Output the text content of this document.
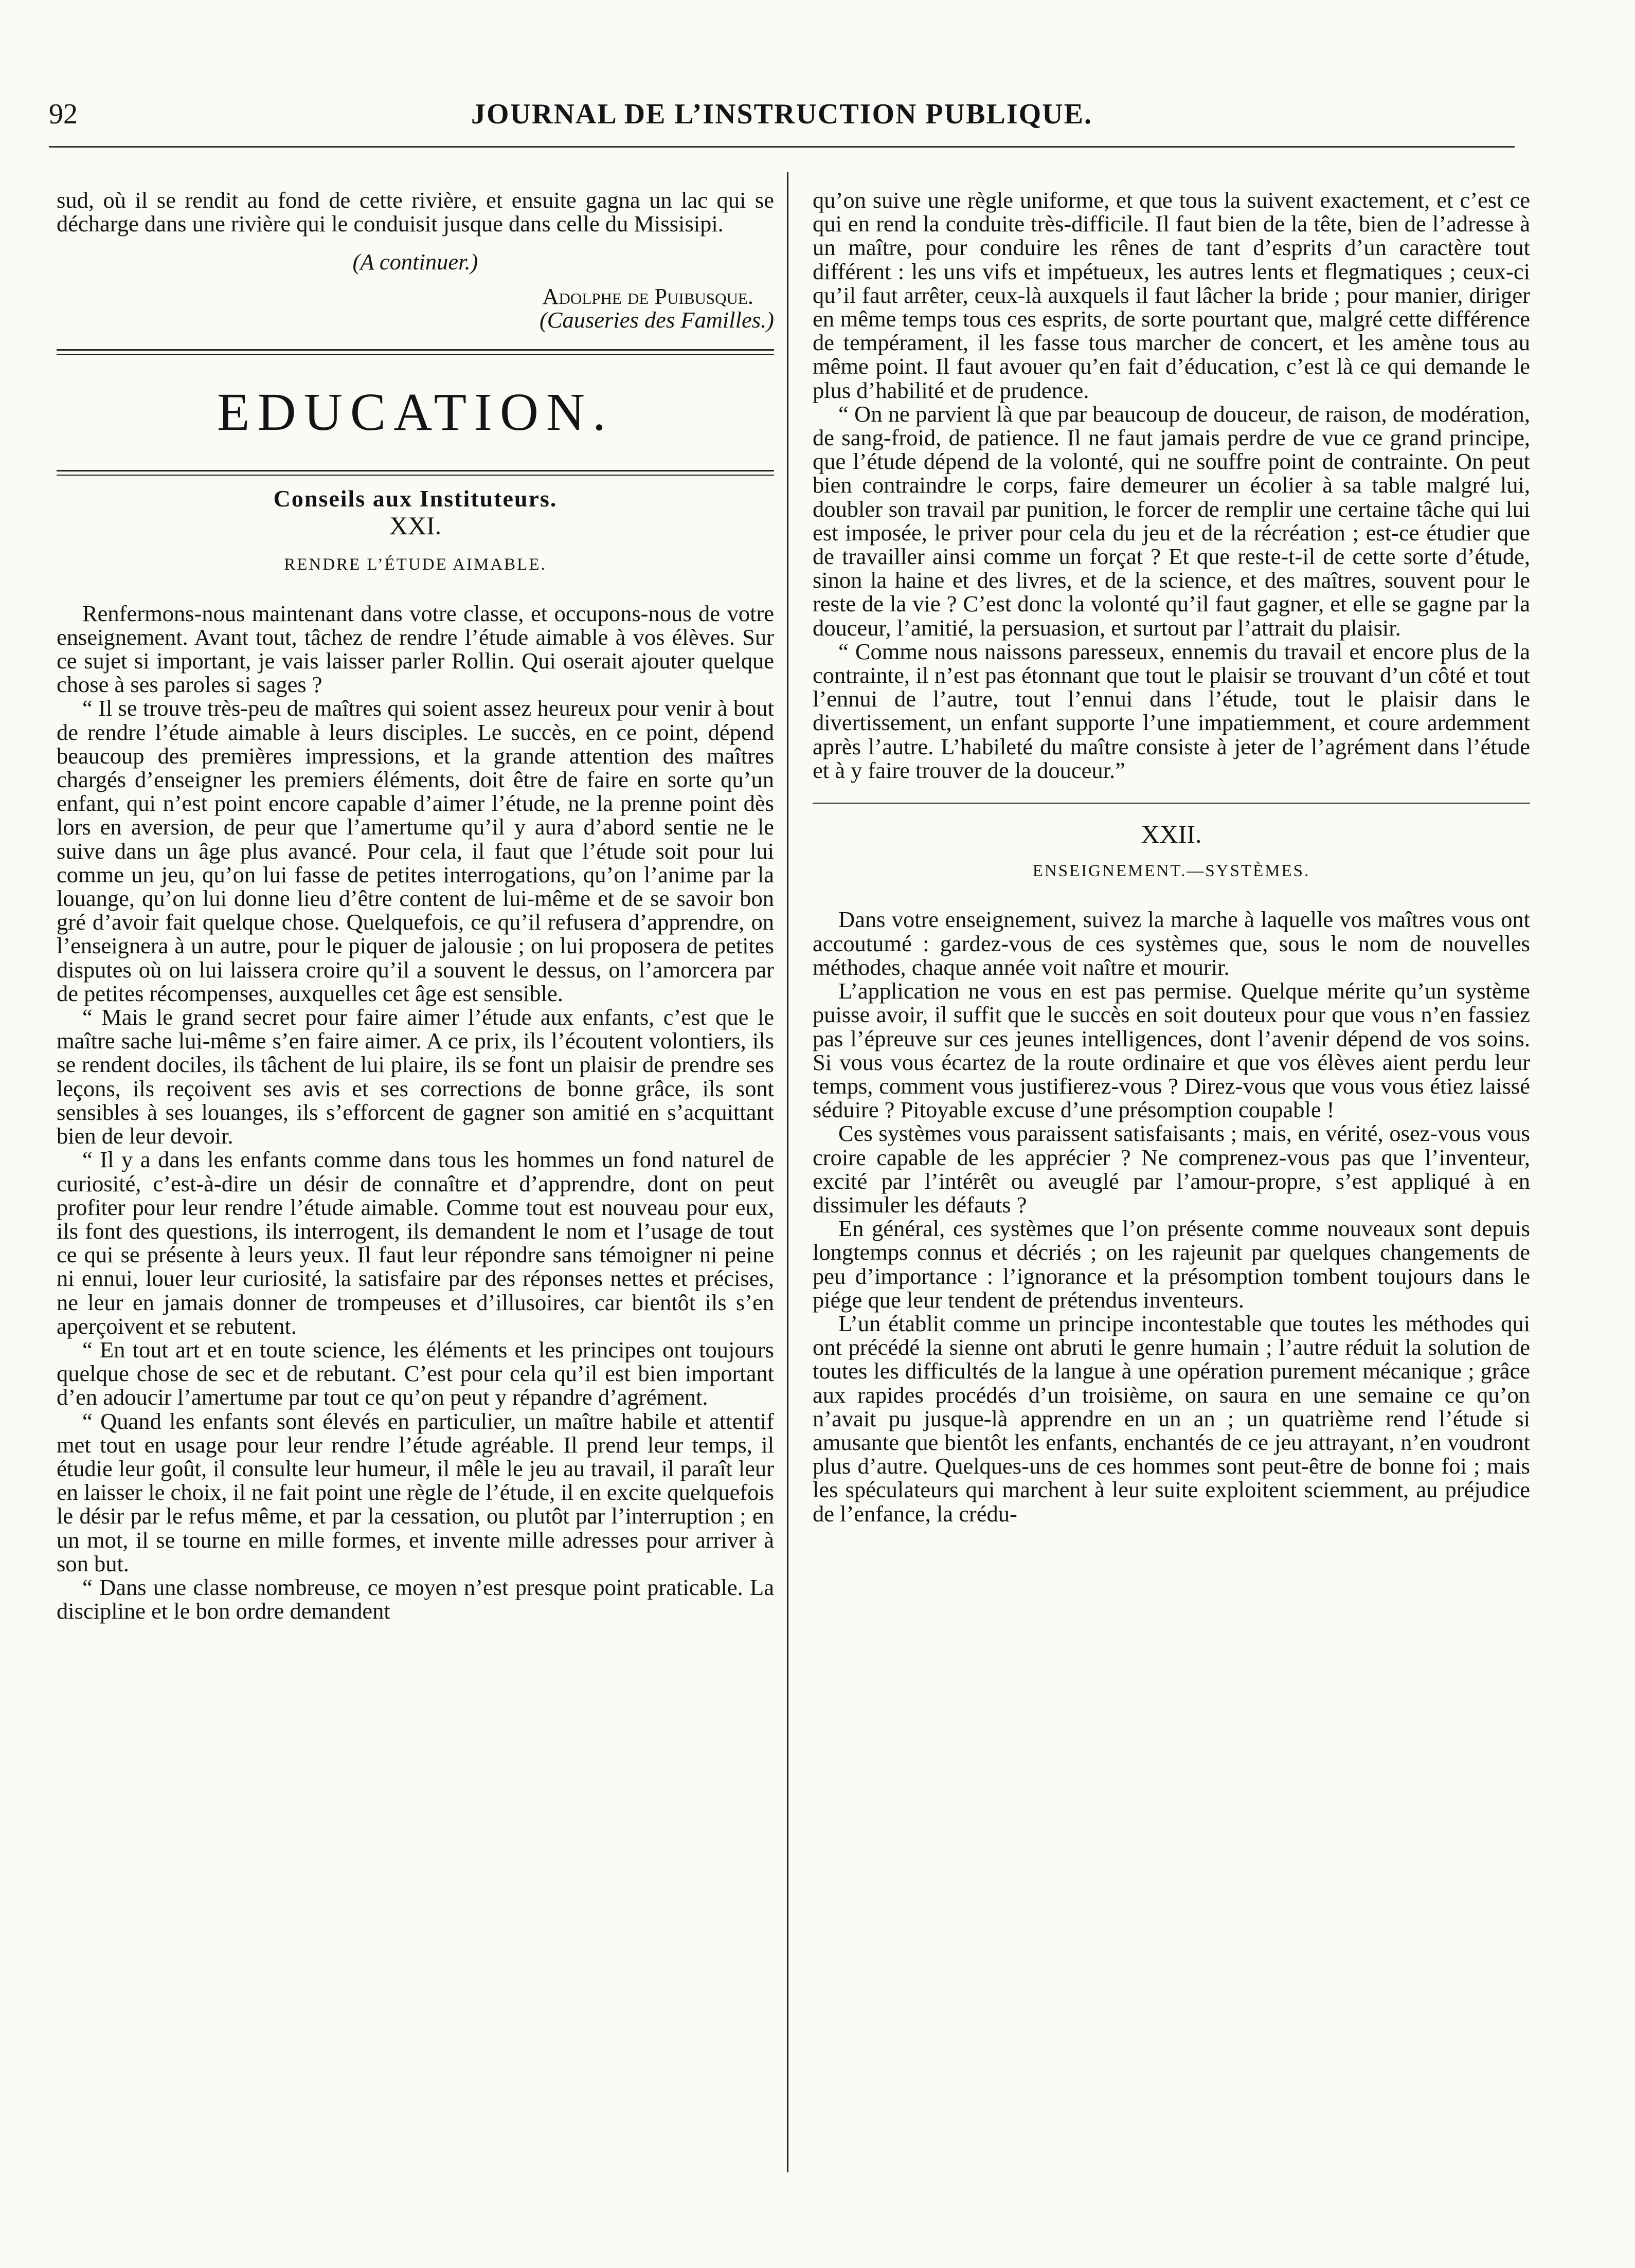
92	JOURNAL DE L’INSTRUCTION PUBLIQUE.

sud, où il se rendit au fond de cette rivière, et ensuite gagna un lac qui se décharge dans une rivière qui le conduisit jusque dans celle du Missisipi.

(A continuer.)

Adolphe de Puibusque.

(Causeries des Familles.)

EDUCATION.
Conseils aux Instituteurs.
XXI.
RENDRE L’ÉTUDE AIMABLE.

Renfermons-nous maintenant dans votre classe, et occupons-nous de votre enseignement. Avant tout, tâchez de rendre l’étude aimable à vos élèves. Sur ce sujet si important, je vais laisser parler Rollin. Qui oserait ajouter quelque chose à ses paroles si sages ?

“ Il se trouve très-peu de maîtres qui soient assez heureux pour venir à bout de rendre l’étude aimable à leurs disciples. Le succès, en ce point, dépend beaucoup des premières impressions, et la grande attention des maîtres chargés d’enseigner les premiers éléments, doit être de faire en sorte qu’un enfant, qui n’est point encore capable d’aimer l’étude, ne la prenne point dès lors en aversion, de peur que l’amertume qu’il y aura d’abord sentie ne le suive dans un âge plus avancé. Pour cela, il faut que l’étude soit pour lui comme un jeu, qu’on lui fasse de petites interrogations, qu’on l’anime par la louange, qu’on lui donne lieu d’être content de lui-même et de se savoir bon gré d’avoir fait quelque chose. Quelquefois, ce qu’il refusera d’apprendre, on l’enseignera à un autre, pour le piquer de jalousie ; on lui proposera de petites disputes où on lui laissera croire qu’il a souvent le dessus, on l’amorcera par de petites récompenses, auxquelles cet âge est sensible.

“ Mais le grand secret pour faire aimer l’étude aux enfants, c’est que le maître sache lui-même s’en faire aimer. A ce prix, ils l’écoutent volontiers, ils se rendent dociles, ils tâchent de lui plaire, ils se font un plaisir de prendre ses leçons, ils reçoivent ses avis et ses corrections de bonne grâce, ils sont sensibles à ses louanges, ils s’efforcent de gagner son amitié en s’acquittant bien de leur devoir.

“ Il y a dans les enfants comme dans tous les hommes un fond naturel de curiosité, c’est-à-dire un désir de connaître et d’apprendre, dont on peut profiter pour leur rendre l’étude aimable. Comme tout est nouveau pour eux, ils font des questions, ils interrogent, ils demandent le nom et l’usage de tout ce qui se présente à leurs yeux. Il faut leur répondre sans témoigner ni peine ni ennui, louer leur curiosité, la satisfaire par des réponses nettes et précises, ne leur en jamais donner de trompeuses et d’illusoires, car bientôt ils s’en aperçoivent et se rebutent.

“ En tout art et en toute science, les éléments et les principes ont toujours quelque chose de sec et de rebutant. C’est pour cela qu’il est bien important d’en adoucir l’amertume par tout ce qu’on peut y répandre d’agrément.

“ Quand les enfants sont élevés en particulier, un maître habile et attentif met tout en usage pour leur rendre l’étude agréable. Il prend leur temps, il étudie leur goût, il consulte leur humeur, il mêle le jeu au travail, il paraît leur en laisser le choix, il ne fait point une règle de l’étude, il en excite quelquefois le désir par le refus même, et par la cessation, ou plutôt par l’interruption ; en un mot, il se tourne en mille formes, et invente mille adresses pour arriver à son but.

“ Dans une classe nombreuse, ce moyen n’est presque point praticable. La discipline et le bon ordre demandent

qu’on suive une règle uniforme, et que tous la suivent exactement, et c’est ce qui en rend la conduite très-difficile. Il faut bien de la tête, bien de l’adresse à un maître, pour conduire les rênes de tant d’esprits d’un caractère tout différent : les uns vifs et impétueux, les autres lents et flegmatiques ; ceux-ci qu’il faut arrêter, ceux-là auxquels il faut lâcher la bride ; pour manier, diriger en même temps tous ces esprits, de sorte pourtant que, malgré cette différence de tempérament, il les fasse tous marcher de concert, et les amène tous au même point. Il faut avouer qu’en fait d’éducation, c’est là ce qui demande le plus d’habilité et de prudence.

“ On ne parvient là que par beaucoup de douceur, de raison, de modération, de sang-froid, de patience. Il ne faut jamais perdre de vue ce grand principe, que l’étude dépend de la volonté, qui ne souffre point de contrainte. On peut bien contraindre le corps, faire demeurer un écolier à sa table malgré lui, doubler son travail par punition, le forcer de remplir une certaine tâche qui lui est imposée, le priver pour cela du jeu et de la récréation ; est-ce étudier que de travailler ainsi comme un forçat ? Et que reste-t-il de cette sorte d’étude, sinon la haine et des livres, et de la science, et des maîtres, souvent pour le reste de la vie ? C’est donc la volonté qu’il faut gagner, et elle se gagne par la douceur, l’amitié, la persuasion, et surtout par l’attrait du plaisir.

“ Comme nous naissons paresseux, ennemis du travail et encore plus de la contrainte, il n’est pas étonnant que tout le plaisir se trouvant d’un côté et tout l’ennui de l’autre, tout l’ennui dans l’étude, tout le plaisir dans le divertissement, un enfant supporte l’une impatiemment, et coure ardemment après l’autre. L’habileté du maître consiste à jeter de l’agrément dans l’étude et à y faire trouver de la douceur.”

XXII.
ENSEIGNEMENT.—SYSTÈMES.

Dans votre enseignement, suivez la marche à laquelle vos maîtres vous ont accoutumé : gardez-vous de ces systèmes que, sous le nom de nouvelles méthodes, chaque année voit naître et mourir.

L’application ne vous en est pas permise. Quelque mérite qu’un système puisse avoir, il suffit que le succès en soit douteux pour que vous n’en fassiez pas l’épreuve sur ces jeunes intelligences, dont l’avenir dépend de vos soins. Si vous vous écartez de la route ordinaire et que vos élèves aient perdu leur temps, comment vous justifierez-vous ? Direz-vous que vous vous étiez laissé séduire ? Pitoyable excuse d’une présomption coupable !

Ces systèmes vous paraissent satisfaisants ; mais, en vérité, osez-vous vous croire capable de les apprécier ? Ne comprenez-vous pas que l’inventeur, excité par l’intérêt ou aveuglé par l’amour-propre, s’est appliqué à en dissimuler les défauts ?

En général, ces systèmes que l’on présente comme nouveaux sont depuis longtemps connus et décriés ; on les rajeunit par quelques changements de peu d’importance : l’ignorance et la présomption tombent toujours dans le piége que leur tendent de prétendus inventeurs.

L’un établit comme un principe incontestable que toutes les méthodes qui ont précédé la sienne ont abruti le genre humain ; l’autre réduit la solution de toutes les difficultés de la langue à une opération purement mécanique ; grâce aux rapides procédés d’un troisième, on saura en une semaine ce qu’on n’avait pu jusque-là apprendre en un an ; un quatrième rend l’étude si amusante que bientôt les enfants, enchantés de ce jeu attrayant, n’en voudront plus d’autre. Quelques-uns de ces hommes sont peut-être de bonne foi ; mais les spéculateurs qui marchent à leur suite exploitent sciemment, au préjudice de l’enfance, la crédu-
